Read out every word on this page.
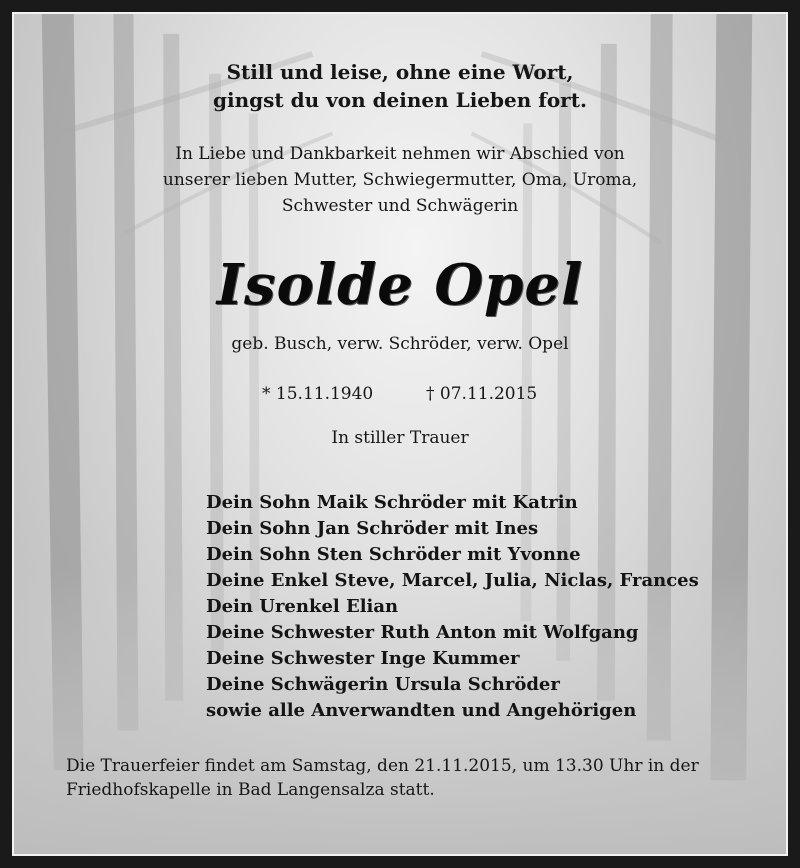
Still und leise, ohne eine Wort,
gingst du von deinen Lieben fort.
In Liebe und Dankbarkeit nehmen wir Abschied von
unserer lieben Mutter, Schwiegermutter, Oma, Uroma,
Schwester und Schwägerin
Isolde Opel
geb. Busch, verw. Schröder, verw. Opel
* 15.11.1940	† 07.11.2015
In stiller Trauer
Dein Sohn Maik Schröder mit Katrin
Dein Sohn Jan Schröder mit Ines
Dein Sohn Sten Schröder mit Yvonne
Deine Enkel Steve, Marcel, Julia, Niclas, Frances
Dein Urenkel Elian
Deine Schwester Ruth Anton mit Wolfgang
Deine Schwester Inge Kummer
Deine Schwägerin Ursula Schröder
sowie alle Anverwandten und Angehörigen
Die Trauerfeier findet am Samstag, den 21.11.2015, um 13.30 Uhr in der
Friedhofskapelle in Bad Langensalza statt.
